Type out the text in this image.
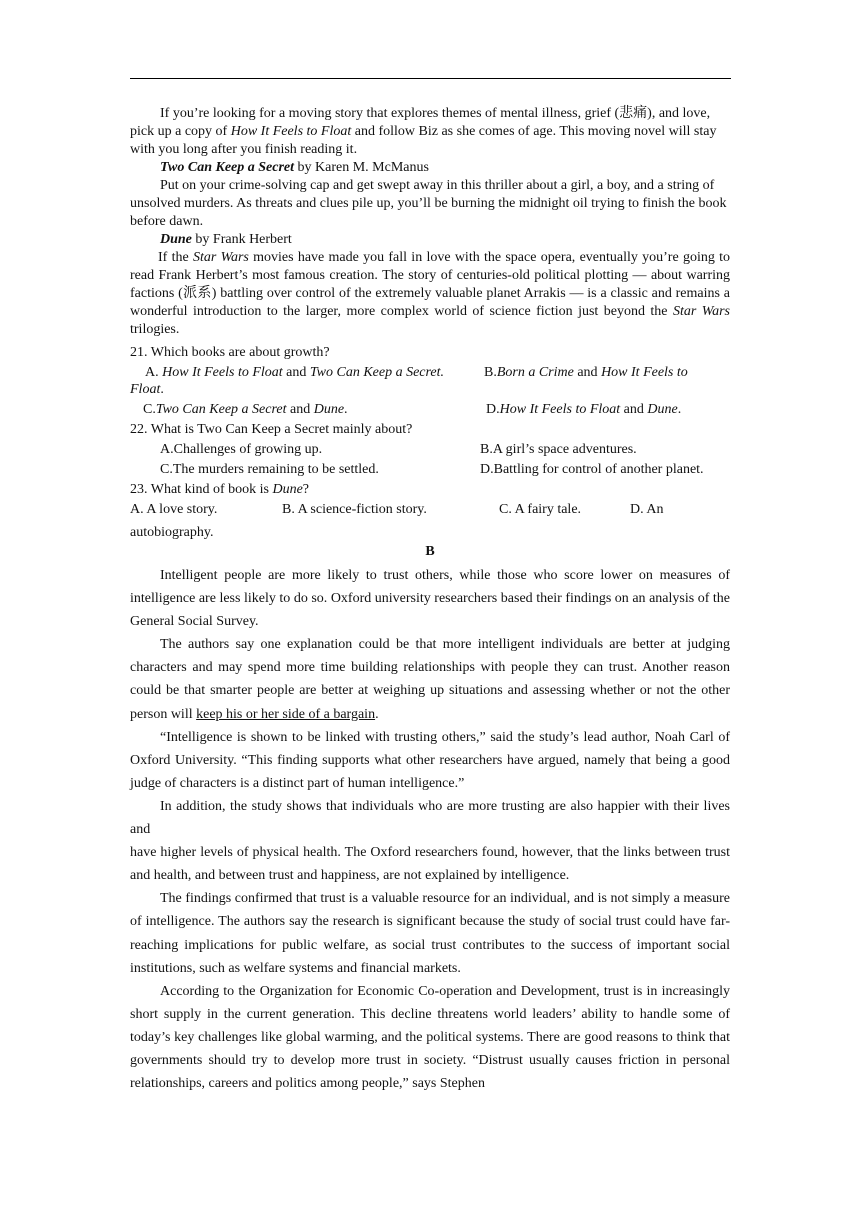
If you’re looking for a moving story that explores themes of mental illness, grief (悲痛), and love, pick up a copy of How It Feels to Float and follow Biz as she comes of age. This moving novel will stay with you long after you finish reading it.

Two Can Keep a Secret by Karen M. McManus

Put on your crime-solving cap and get swept away in this thriller about a girl, a boy, and a string of unsolved murders. As threats and clues pile up, you’ll be burning the midnight oil trying to finish the book before dawn.

Dune by Frank Herbert

If the Star Wars movies have made you fall in love with the space opera, eventually you’re going to read Frank Herbert’s most famous creation. The story of centuries-old political plotting — about warring factions (派系) battling over control of the extremely valuable planet Arrakis — is a classic and remains a wonderful introduction to the larger, more complex world of science fiction just beyond the Star Wars trilogies.

21. Which books are about growth?

A. How It Feels to Float and Two Can Keep a Secret.	B.Born a Crime and How It Feels to

Float.

C.Two Can Keep a Secret and Dune.	D.How It Feels to Float and Dune.

22. What is Two Can Keep a Secret mainly about?

A.Challenges of growing up.	B.A girl’s space adventures.

C.The murders remaining to be settled.	D.Battling for control of another planet.

23. What kind of book is Dune?

A. A love story.	B. A science-fiction story.	C. A fairy tale.	D. An

autobiography.

B

Intelligent people are more likely to trust others, while those who score lower on measures of intelligence are less likely to do so. Oxford university researchers based their findings on an analysis of the General Social Survey.

The authors say one explanation could be that more intelligent individuals are better at judging characters and may spend more time building relationships with people they can trust. Another reason could be that smarter people are better at weighing up situations and assessing whether or not the other person will keep his or her side of a bargain.

“Intelligence is shown to be linked with trusting others,” said the study’s lead author, Noah Carl of Oxford University. “This finding supports what other researchers have argued, namely that being a good judge of characters is a distinct part of human intelligence.”

In addition, the study shows that individuals who are more trusting are also happier with their lives and

have higher levels of physical health. The Oxford researchers found, however, that the links between trust and health, and between trust and happiness, are not explained by intelligence.

The findings confirmed that trust is a valuable resource for an individual, and is not simply a measure of intelligence. The authors say the research is significant because the study of social trust could have far-reaching implications for public welfare, as social trust contributes to the success of important social institutions, such as welfare systems and financial markets.

According to the Organization for Economic Co-operation and Development, trust is in increasingly short supply in the current generation. This decline threatens world leaders’ ability to handle some of today’s key challenges like global warming, and the political systems. There are good reasons to think that governments should try to develop more trust in society. “Distrust usually causes friction in personal relationships, careers and politics among people,” says Stephen
